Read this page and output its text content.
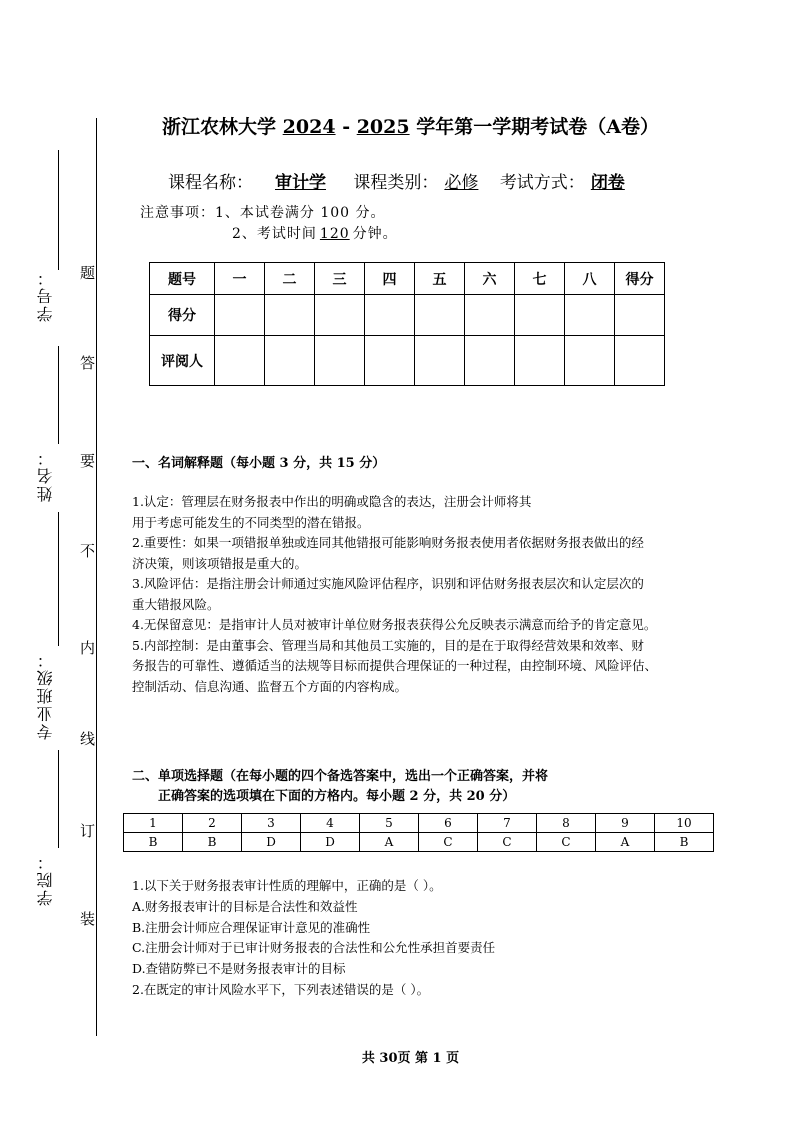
学号：
姓名：
专业班级：
学院：
题
答
要
不
内
线
订
装
浙江农林大学 2024 - 2025 学年第一学期考试卷（A卷）
课程名称： 审计学 课程类别： 必修 考试方式： 闭卷
注意事项：1、本试卷满分 100 分。
2、考试时间 120 分钟。
题号	一	二	三	四	五	六	七	八	得分
得分									
评阅人									
一、名词解释题（每小题 3 分，共 15 分）
1.认定：管理层在财务报表中作出的明确或隐含的表达，注册会计师将其
用于考虑可能发生的不同类型的潜在错报。
2.重要性：如果一项错报单独或连同其他错报可能影响财务报表使用者依据财务报表做出的经
济决策，则该项错报是重大的。
3.风险评估：是指注册会计师通过实施风险评估程序，识别和评估财务报表层次和认定层次的
重大错报风险。
4.无保留意见：是指审计人员对被审计单位财务报表获得公允反映表示满意而给予的肯定意见。
5.内部控制：是由董事会、管理当局和其他员工实施的，目的是在于取得经营效果和效率、财
务报告的可靠性、遵循适当的法规等目标而提供合理保证的一种过程，由控制环境、风险评估、
控制活动、信息沟通、监督五个方面的内容构成。
二、单项选择题（在每小题的四个备选答案中，选出一个正确答案，并将
正确答案的选项填在下面的方格内。每小题 2 分，共 20 分）
1	2	3	4	5	6	7	8	9	10
B	B	D	D	A	C	C	C	A	B
1.以下关于财务报表审计性质的理解中，正确的是（ ）。
A.财务报表审计的目标是合法性和效益性
B.注册会计师应合理保证审计意见的准确性
C.注册会计师对于已审计财务报表的合法性和公允性承担首要责任
D.查错防弊已不是财务报表审计的目标
2.在既定的审计风险水平下，下列表述错误的是（ ）。
共 30页 第 1 页
